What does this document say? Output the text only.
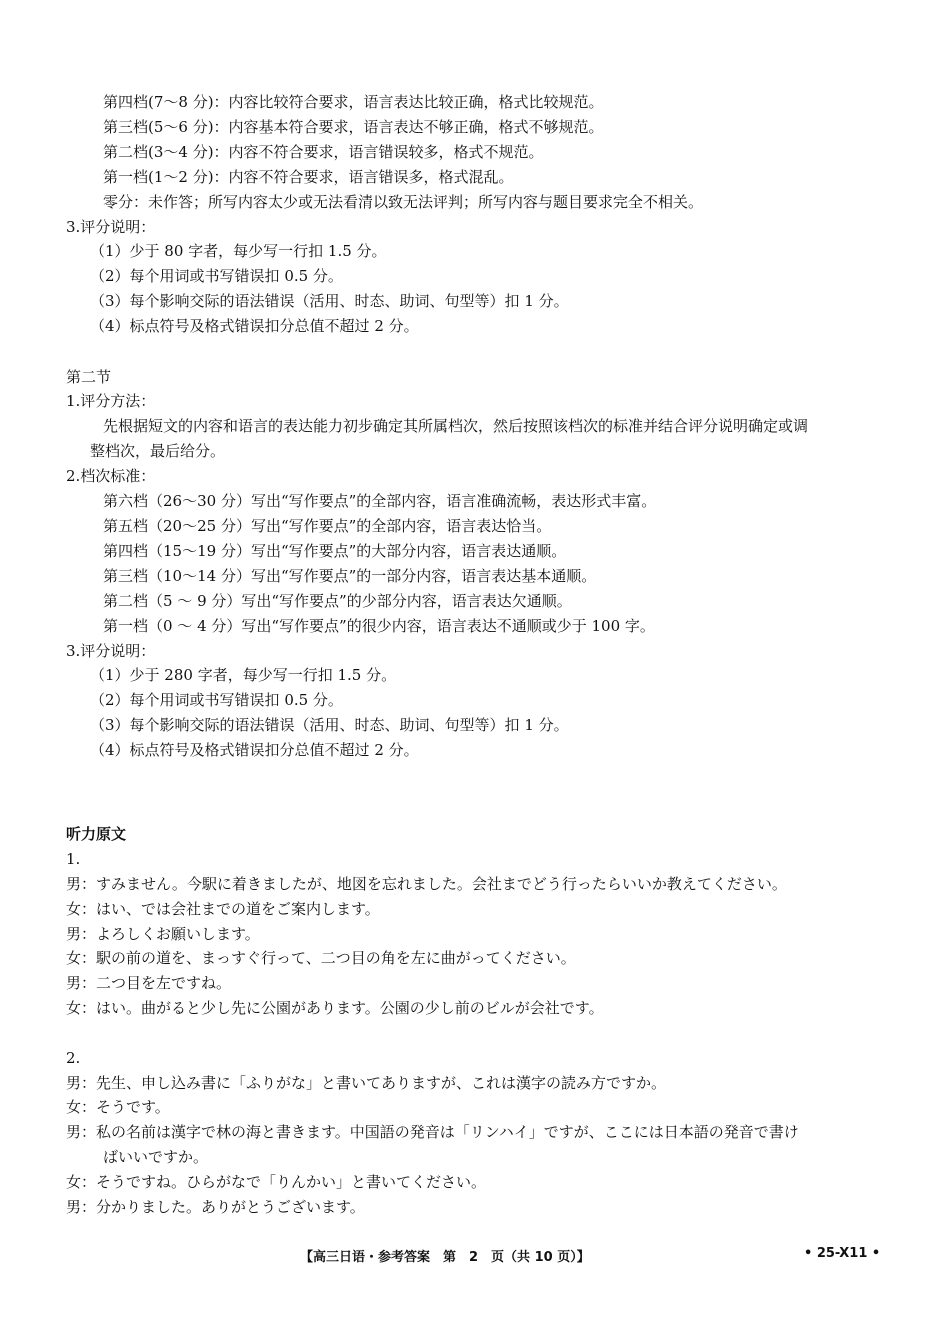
第四档(7～8 分)：内容比较符合要求，语言表达比较正确，格式比较规范。
第三档(5～6 分)：内容基本符合要求，语言表达不够正确，格式不够规范。
第二档(3～4 分)：内容不符合要求，语言错误较多，格式不规范。
第一档(1～2 分)：内容不符合要求，语言错误多，格式混乱。
零分：未作答；所写内容太少或无法看清以致无法评判；所写内容与题目要求完全不相关。
3.评分说明：
（1）少于 80 字者，每少写一行扣 1.5 分。
（2）每个用词或书写错误扣 0.5 分。
（3）每个影响交际的语法错误（活用、时态、助词、句型等）扣 1 分。
（4）标点符号及格式错误扣分总值不超过 2 分。
第二节
1.评分方法：
先根据短文的内容和语言的表达能力初步确定其所属档次，然后按照该档次的标准并结合评分说明确定或调
整档次，最后给分。
2.档次标准：
第六档（26～30 分）写出“写作要点”的全部内容，语言准确流畅，表达形式丰富。
第五档（20～25 分）写出“写作要点”的全部内容，语言表达恰当。
第四档（15～19 分）写出“写作要点”的大部分内容，语言表达通顺。
第三档（10～14 分）写出“写作要点”的一部分内容，语言表达基本通顺。
第二档（5 ～ 9 分）写出“写作要点”的少部分内容，语言表达欠通顺。
第一档（0 ～ 4 分）写出“写作要点”的很少内容，语言表达不通顺或少于 100 字。
3.评分说明：
（1）少于 280 字者，每少写一行扣 1.5 分。
（2）每个用词或书写错误扣 0.5 分。
（3）每个影响交际的语法错误（活用、时态、助词、句型等）扣 1 分。
（4）标点符号及格式错误扣分总值不超过 2 分。
听力原文
1.
男：すみません。今駅に着きましたが、地図を忘れました。会社までどう行ったらいいか教えてください。
女：はい、では会社までの道をご案内します。
男：よろしくお願いします。
女：駅の前の道を、まっすぐ行って、二つ目の角を左に曲がってください。
男：二つ目を左ですね。
女：はい。曲がると少し先に公園があります。公園の少し前のビルが会社です。
2.
男：先生、申し込み書に「ふりがな」と書いてありますが、これは漢字の読み方ですか。
女：そうです。
男：私の名前は漢字で林の海と書きます。中国語の発音は「リンハイ」ですが、ここには日本語の発音で書け
ばいいですか。
女：そうですね。ひらがなで「りんかい」と書いてください。
男：分かりました。ありがとうございます。
【高三日语・参考答案　第　2　页（共 10 页）】	• 25-X11 •
